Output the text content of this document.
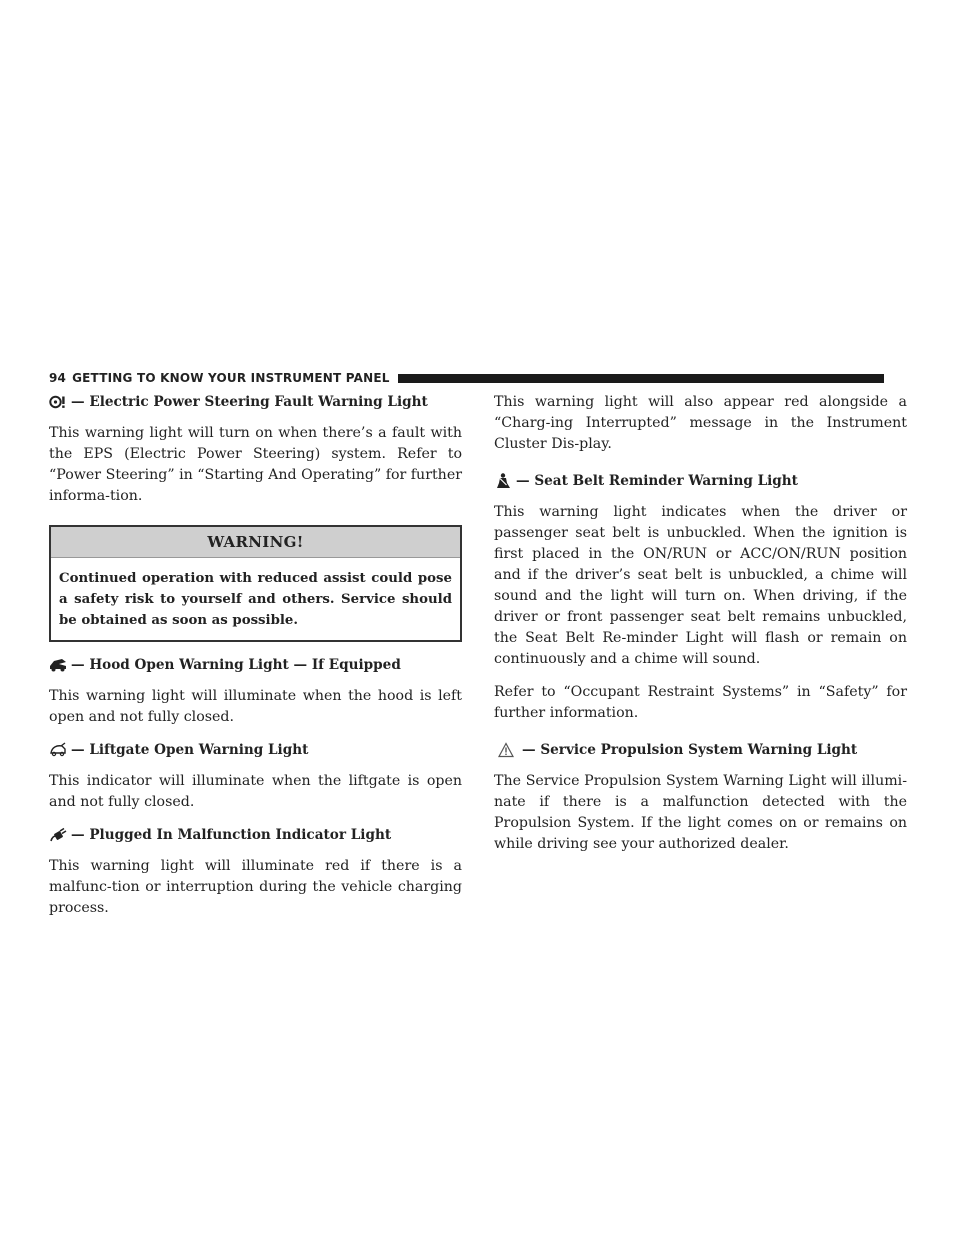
94 GETTING TO KNOW YOUR INSTRUMENT PANEL
— Electric Power Steering Fault Warning Light

This warning light will turn on when there’s a fault with the EPS (Electric Power Steering) system. Refer to “Power Steering” in “Starting And Operating” for further informa-tion.

WARNING!
Continued operation with reduced assist could pose a safety risk to yourself and others. Service should be obtained as soon as possible.
— Hood Open Warning Light — If Equipped

This warning light will illuminate when the hood is left open and not fully closed.

— Liftgate Open Warning Light

This indicator will illuminate when the liftgate is open and not fully closed.

— Plugged In Malfunction Indicator Light

This warning light will illuminate red if there is a malfunc-tion or interruption during the vehicle charging process.

This warning light will also appear red alongside a “Charg-ing Interrupted” message in the Instrument Cluster Dis-play.

— Seat Belt Reminder Warning Light

This warning light indicates when the driver or passenger seat belt is unbuckled. When the ignition is first placed in the ON/RUN or ACC/ON/RUN position and if the driver’s seat belt is unbuckled, a chime will sound and the light will turn on. When driving, if the driver or front passenger seat belt remains unbuckled, the Seat Belt Re-minder Light will flash or remain on continuously and a chime will sound.

Refer to “Occupant Restraint Systems” in “Safety” for further information.

— Service Propulsion System Warning Light

The Service Propulsion System Warning Light will illumi-nate if there is a malfunction detected with the Propulsion System. If the light comes on or remains on while driving see your authorized dealer.
